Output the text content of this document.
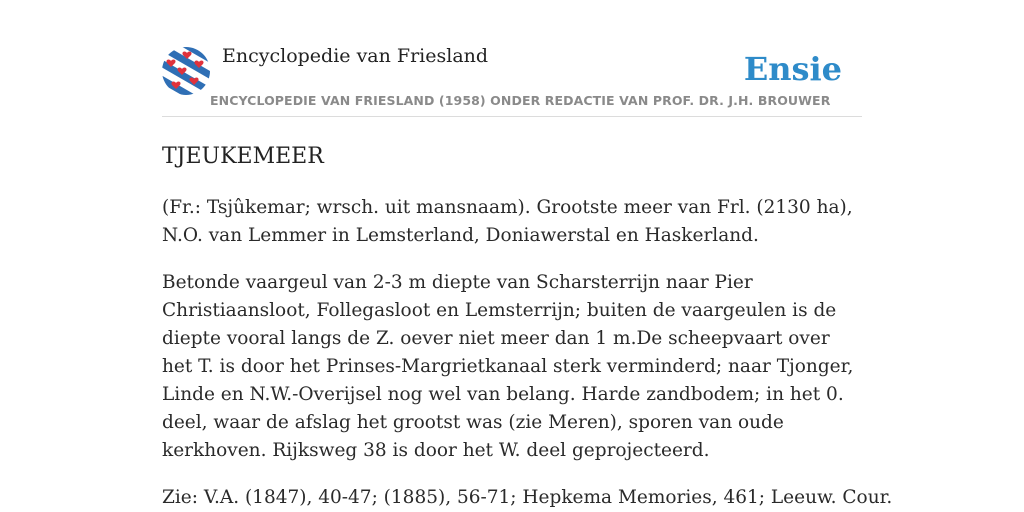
Encyclopedie van Friesland	Ensie
ENCYCLOPEDIE VAN FRIESLAND (1958) ONDER REDACTIE VAN PROF. DR. J.H. BROUWER
TJEUKEMEER

(Fr.: Tsjûkemar; wrsch. uit mansnaam). Grootste meer van Frl. (2130 ha), N.O. van Lemmer in Lemsterland, Doniawerstal en Haskerland.

Betonde vaargeul van 2-3 m diepte van Scharsterrijn naar Pier Christiaansloot, Follegasloot en Lemsterrijn; buiten de vaargeulen is de diepte vooral langs de Z. oever niet meer dan 1 m.De scheepvaart over het T. is door het Prinses-Margrietkanaal sterk verminderd; naar Tjonger, Linde en N.W.-Overijsel nog wel van belang. Harde zandbodem; in het 0. deel, waar de afslag het grootst was (zie Meren), sporen van oude kerkhoven. Rijksweg 38 is door het W. deel geprojecteerd.

Zie: V.A. (1847), 40-47; (1885), 56-71; Hepkema Memories, 461; Leeuw. Cour.
